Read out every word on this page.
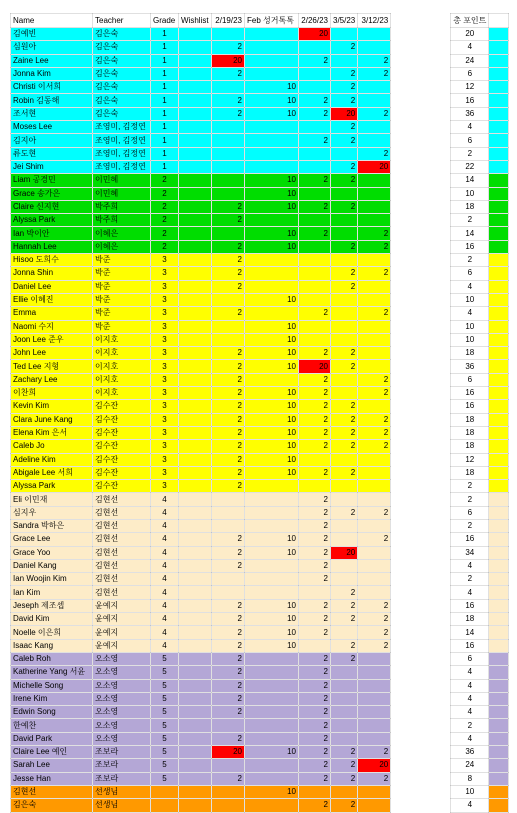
Name	Teacher	Grade	Wishlist	2/19/23	Feb 성거톡톡	2/26/23	3/5/23	3/12/23		총 포인트	
김예빈	김은숙	1				20				20	
심원아	김은숙	1		2			2			4	
Zaine Lee	김은숙	1		20		2		2		24	
Jonna Kim	김은숙	1		2			2	2		6	
Christi 이서희	김은숙	1			10		2			12	
Robin 김동해	김은숙	1		2	10	2	2			16	
조서현	김은숙	1		2	10	2	20	2		36	
Moses Lee	조영미, 김정연	1					2			4	
김지아	조영미, 김정연	1				2	2			6	
류도현	조영미, 김정연	1						2		2	
Jei Shim	조영미, 김정연	1					2	20		22	
Liam 공경민	이민혜	2			10	2	2			14	
Grace 송가은	이민혜	2			10					10	
Claire 신지현	박주희	2		2	10	2	2			18	
Alyssa Park	박주희	2		2						2	
Ian 박이안	이혜은	2			10	2		2		14	
Hannah Lee	이혜은	2		2	10		2	2		16	
Hisoo 도희수	박준	3		2						2	
Jonna Shin	박준	3		2			2	2		6	
Daniel Lee	박준	3		2			2			4	
Ellie 이혜진	박준	3			10					10	
Emma	박준	3		2		2		2		4	
Naomi 수지	박준	3			10					10	
Joon Lee 준우	이지호	3			10					10	
John Lee	이지호	3		2	10	2	2			18	
Ted Lee 지형	이지호	3		2	10	20	2			36	
Zachary Lee	이지호	3		2		2		2		6	
이찬희	이지호	3		2	10	2		2		16	
Kevin Kim	김수잔	3		2	10	2	2			16	
Clara June Kang	김수잔	3		2	10	2	2	2		18	
Elena Kim 은서	김수잔	3		2	10	2	2	2		18	
Caleb Jo	김수잔	3		2	10	2	2	2		18	
Adeline Kim	김수잔	3		2	10					12	
Abigale Lee 서희	김수잔	3		2	10	2	2			18	
Alyssa Park	김수잔	3		2						2	
Eli 이민재	김현선	4				2				2	
심지우	김현선	4				2	2	2		6	
Sandra 박하은	김현선	4				2				2	
Grace Lee	김현선	4		2	10	2		2		16	
Grace Yoo	김현선	4		2	10	2	20			34	
Daniel Kang	김현선	4		2		2				4	
Ian Woojin Kim	김현선	4				2				2	
Ian Kim	김현선	4					2			4	
Jeseph 제조셉	윤예지	4		2	10	2	2	2		16	
David Kim	윤예지	4		2	10	2	2	2		18	
Noelle 이은희	윤예지	4		2	10	2		2		14	
Isaac Kang	윤예지	4		2	10		2	2		16	
Caleb Roh	오소영	5		2		2	2			6	
Katherine Yang 서윤	오소영	5		2		2				4	
Michelle Song	오소영	5		2		2				4	
Irene Kim	오소영	5		2		2				4	
Edwin Song	오소영	5		2		2				4	
한예찬	오소영	5				2				2	
David Park	오소영	5		2		2				4	
Claire Lee 예인	조보라	5		20	10	2	2	2		36	
Sarah Lee	조보라	5				2	2	20		24	
Jesse Han	조보라	5		2		2	2	2		8	
김현선	선생님				10					10	
김은숙	선생님					2	2			4	
